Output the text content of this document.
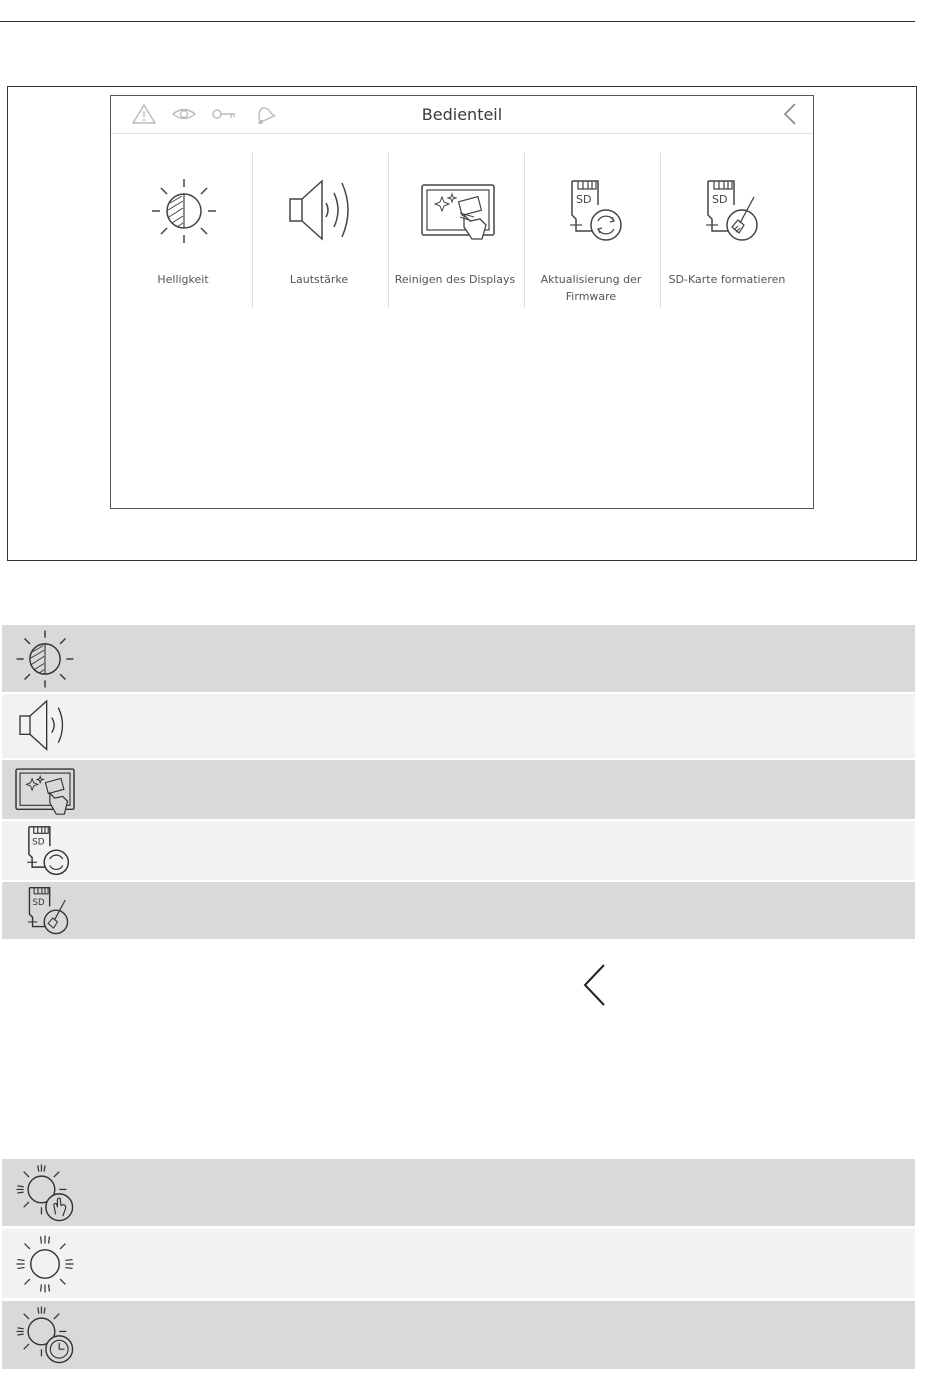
Bedienteil
Helligkeit	Lautstärke	Reinigen des Displays
SD
Aktualisierung der Firmware
SD
SD-Karte formatieren
SD
SD
